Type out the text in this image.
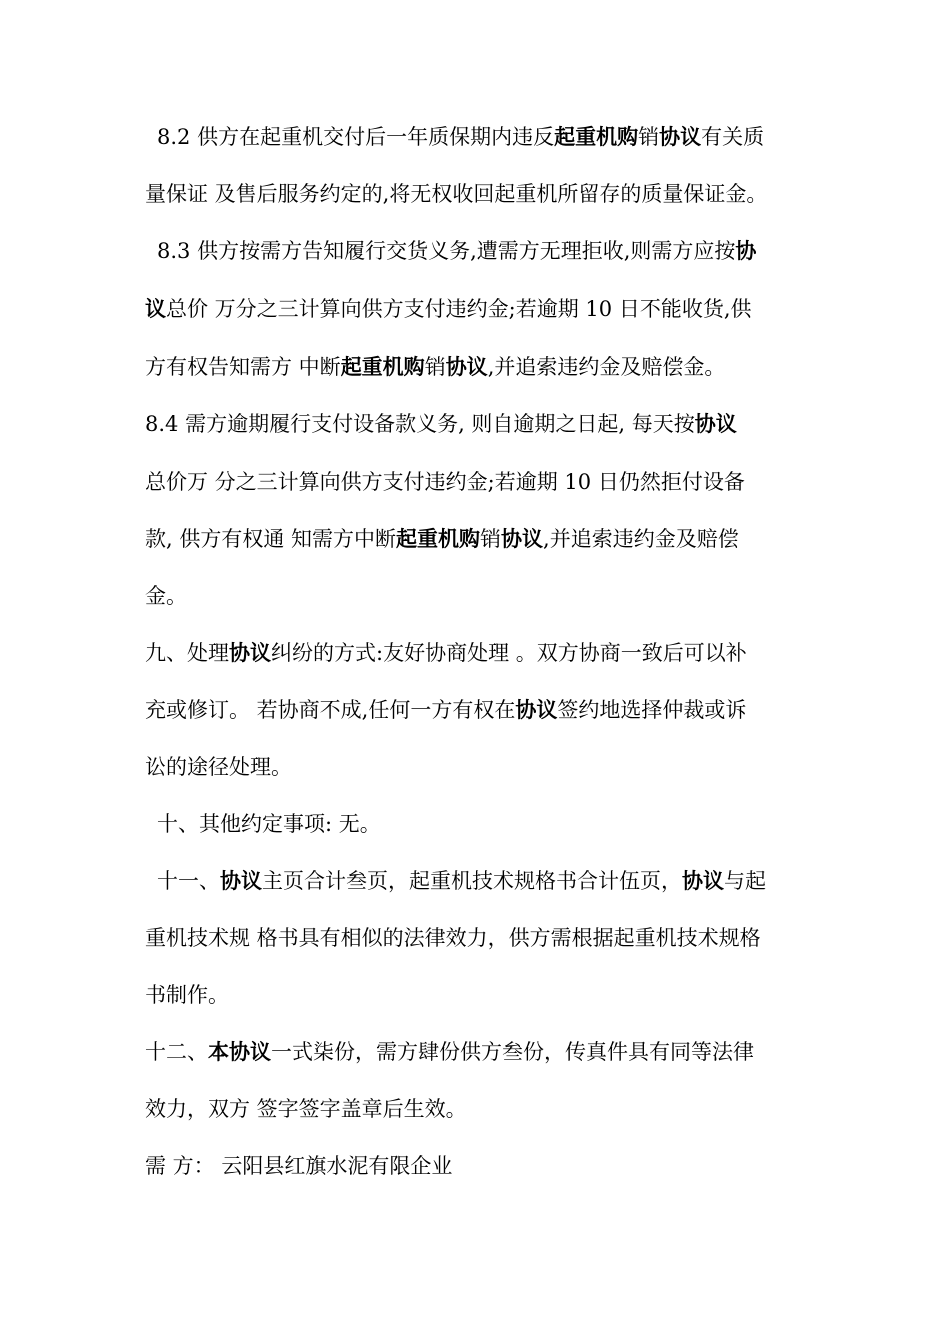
8.2 供方在起重机交付后一年质保期内违反起重机购销协议有关质
量保证 及售后服务约定的,将无权收回起重机所留存的质量保证金。
8.3 供方按需方告知履行交货义务,遭需方无理拒收,则需方应按协
议总价 万分之三计算向供方支付违约金;若逾期 10 日不能收货,供
方有权告知需方 中断起重机购销协议,并追索违约金及赔偿金。
8.4 需方逾期履行支付设备款义务, 则自逾期之日起, 每天按协议
总价万 分之三计算向供方支付违约金;若逾期 10 日仍然拒付设备
款, 供方有权通 知需方中断起重机购销协议,并追索违约金及赔偿
金。
九、处理协议纠纷的方式:友好协商处理 。双方协商一致后可以补
充或修订。 若协商不成,任何一方有权在协议签约地选择仲裁或诉
讼的途径处理。
十、其他约定事项: 无。
十一、协议主页合计叁页，起重机技术规格书合计伍页，协议与起
重机技术规 格书具有相似的法律效力，供方需根据起重机技术规格
书制作。
十二、本协议一式柒份，需方肆份供方叁份，传真件具有同等法律
效力，双方 签字签字盖章后生效。
需 方： 云阳县红旗水泥有限企业
